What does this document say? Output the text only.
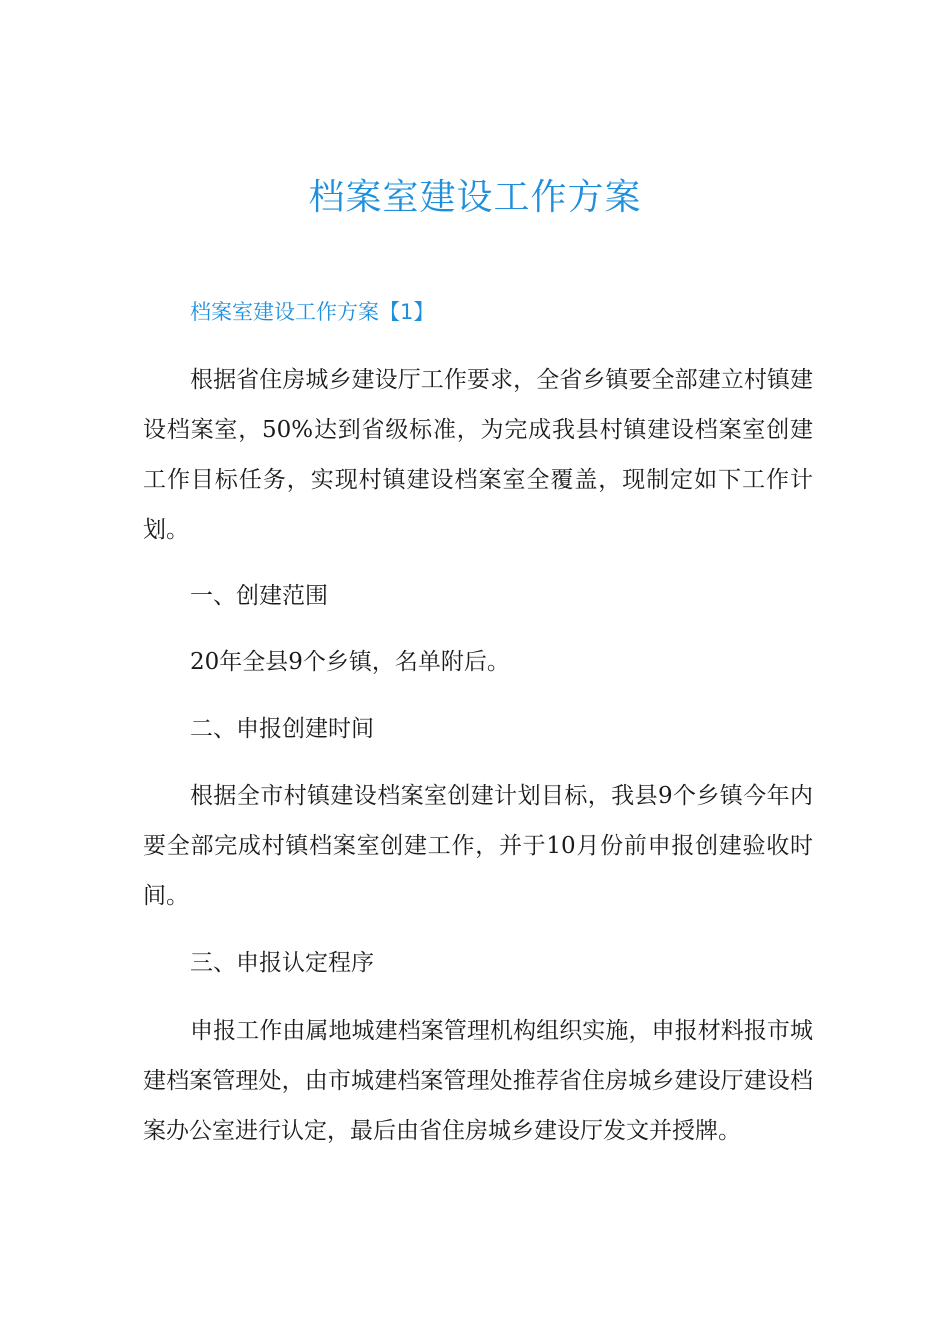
档案室建设工作方案
档案室建设工作方案【1】

根据省住房城乡建设厅工作要求，全省乡镇要全部建立村镇建设档案室，50%达到省级标准，为完成我县村镇建设档案室创建工作目标任务，实现村镇建设档案室全覆盖，现制定如下工作计划。

一、创建范围

20年全县9个乡镇，名单附后。

二、申报创建时间

根据全市村镇建设档案室创建计划目标，我县9个乡镇今年内要全部完成村镇档案室创建工作，并于10月份前申报创建验收时间。

三、申报认定程序

申报工作由属地城建档案管理机构组织实施，申报材料报市城建档案管理处，由市城建档案管理处推荐省住房城乡建设厅建设档案办公室进行认定，最后由省住房城乡建设厅发文并授牌。
